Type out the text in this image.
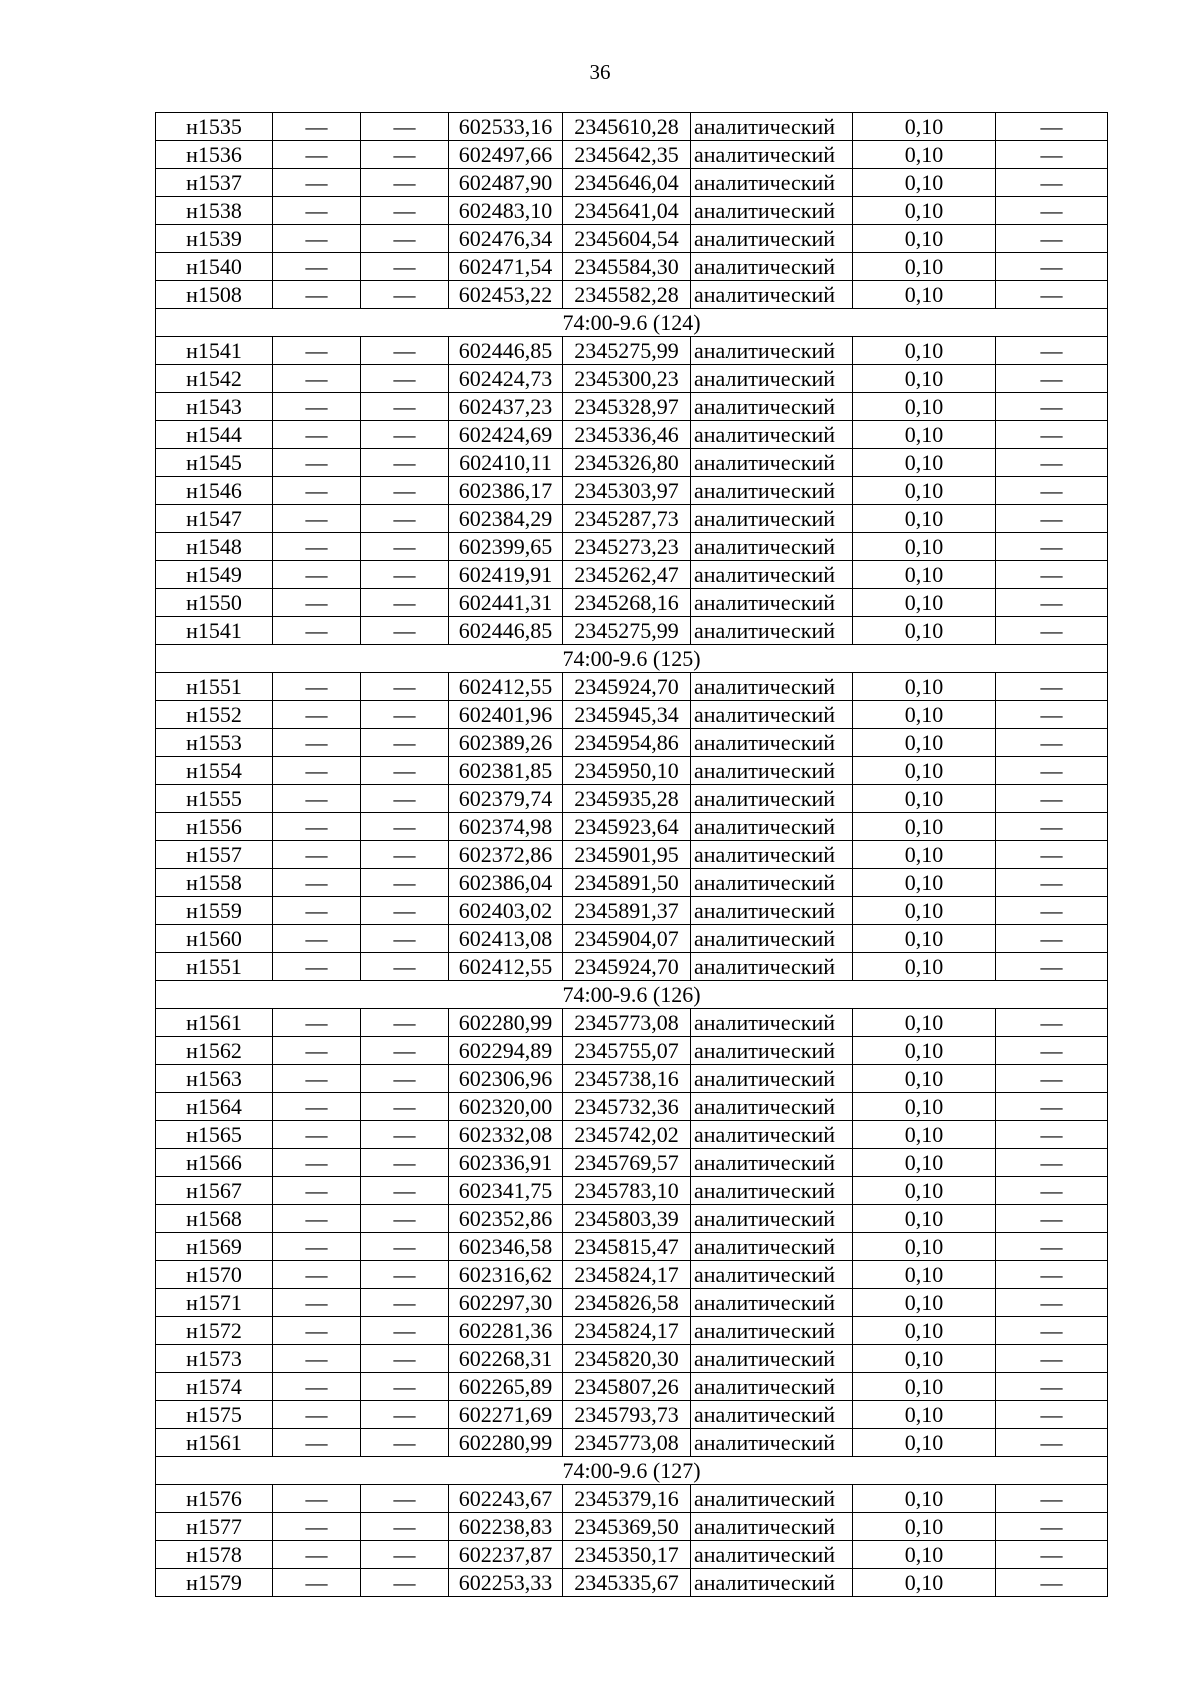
36
н1535	—	—	602533,16	2345610,28	аналитический	0,10	—
н1536	—	—	602497,66	2345642,35	аналитический	0,10	—
н1537	—	—	602487,90	2345646,04	аналитический	0,10	—
н1538	—	—	602483,10	2345641,04	аналитический	0,10	—
н1539	—	—	602476,34	2345604,54	аналитический	0,10	—
н1540	—	—	602471,54	2345584,30	аналитический	0,10	—
н1508	—	—	602453,22	2345582,28	аналитический	0,10	—
74:00-9.6 (124)							
н1541	—	—	602446,85	2345275,99	аналитический	0,10	—
н1542	—	—	602424,73	2345300,23	аналитический	0,10	—
н1543	—	—	602437,23	2345328,97	аналитический	0,10	—
н1544	—	—	602424,69	2345336,46	аналитический	0,10	—
н1545	—	—	602410,11	2345326,80	аналитический	0,10	—
н1546	—	—	602386,17	2345303,97	аналитический	0,10	—
н1547	—	—	602384,29	2345287,73	аналитический	0,10	—
н1548	—	—	602399,65	2345273,23	аналитический	0,10	—
н1549	—	—	602419,91	2345262,47	аналитический	0,10	—
н1550	—	—	602441,31	2345268,16	аналитический	0,10	—
н1541	—	—	602446,85	2345275,99	аналитический	0,10	—
74:00-9.6 (125)							
н1551	—	—	602412,55	2345924,70	аналитический	0,10	—
н1552	—	—	602401,96	2345945,34	аналитический	0,10	—
н1553	—	—	602389,26	2345954,86	аналитический	0,10	—
н1554	—	—	602381,85	2345950,10	аналитический	0,10	—
н1555	—	—	602379,74	2345935,28	аналитический	0,10	—
н1556	—	—	602374,98	2345923,64	аналитический	0,10	—
н1557	—	—	602372,86	2345901,95	аналитический	0,10	—
н1558	—	—	602386,04	2345891,50	аналитический	0,10	—
н1559	—	—	602403,02	2345891,37	аналитический	0,10	—
н1560	—	—	602413,08	2345904,07	аналитический	0,10	—
н1551	—	—	602412,55	2345924,70	аналитический	0,10	—
74:00-9.6 (126)							
н1561	—	—	602280,99	2345773,08	аналитический	0,10	—
н1562	—	—	602294,89	2345755,07	аналитический	0,10	—
н1563	—	—	602306,96	2345738,16	аналитический	0,10	—
н1564	—	—	602320,00	2345732,36	аналитический	0,10	—
н1565	—	—	602332,08	2345742,02	аналитический	0,10	—
н1566	—	—	602336,91	2345769,57	аналитический	0,10	—
н1567	—	—	602341,75	2345783,10	аналитический	0,10	—
н1568	—	—	602352,86	2345803,39	аналитический	0,10	—
н1569	—	—	602346,58	2345815,47	аналитический	0,10	—
н1570	—	—	602316,62	2345824,17	аналитический	0,10	—
н1571	—	—	602297,30	2345826,58	аналитический	0,10	—
н1572	—	—	602281,36	2345824,17	аналитический	0,10	—
н1573	—	—	602268,31	2345820,30	аналитический	0,10	—
н1574	—	—	602265,89	2345807,26	аналитический	0,10	—
н1575	—	—	602271,69	2345793,73	аналитический	0,10	—
н1561	—	—	602280,99	2345773,08	аналитический	0,10	—
74:00-9.6 (127)							
н1576	—	—	602243,67	2345379,16	аналитический	0,10	—
н1577	—	—	602238,83	2345369,50	аналитический	0,10	—
н1578	—	—	602237,87	2345350,17	аналитический	0,10	—
н1579	—	—	602253,33	2345335,67	аналитический	0,10	—
